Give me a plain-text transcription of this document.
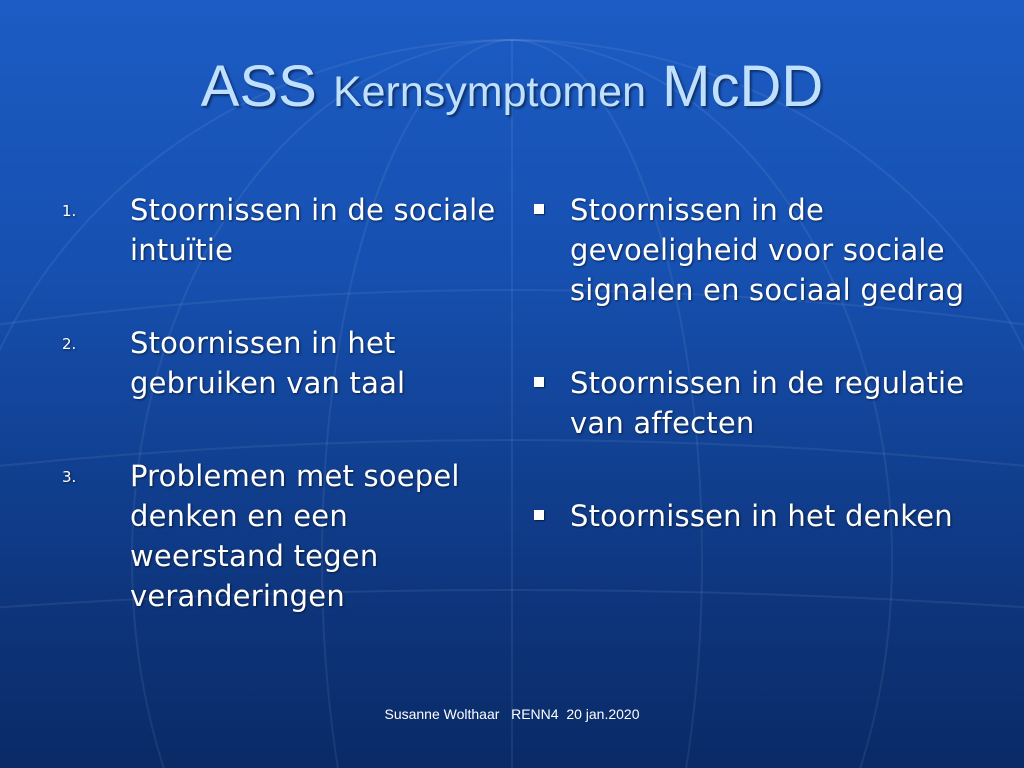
ASS Kernsymptomen McDD
1. Stoornissen in de sociale intuïtie
2. Stoornissen in het gebruiken van taal
3. Problemen met soepel denken en een weerstand tegen veranderingen
Stoornissen in de gevoeligheid voor sociale signalen en sociaal gedrag
Stoornissen in de regulatie van affecten
Stoornissen in het denken
Susanne Wolthaar   RENN4  20 jan.2020
